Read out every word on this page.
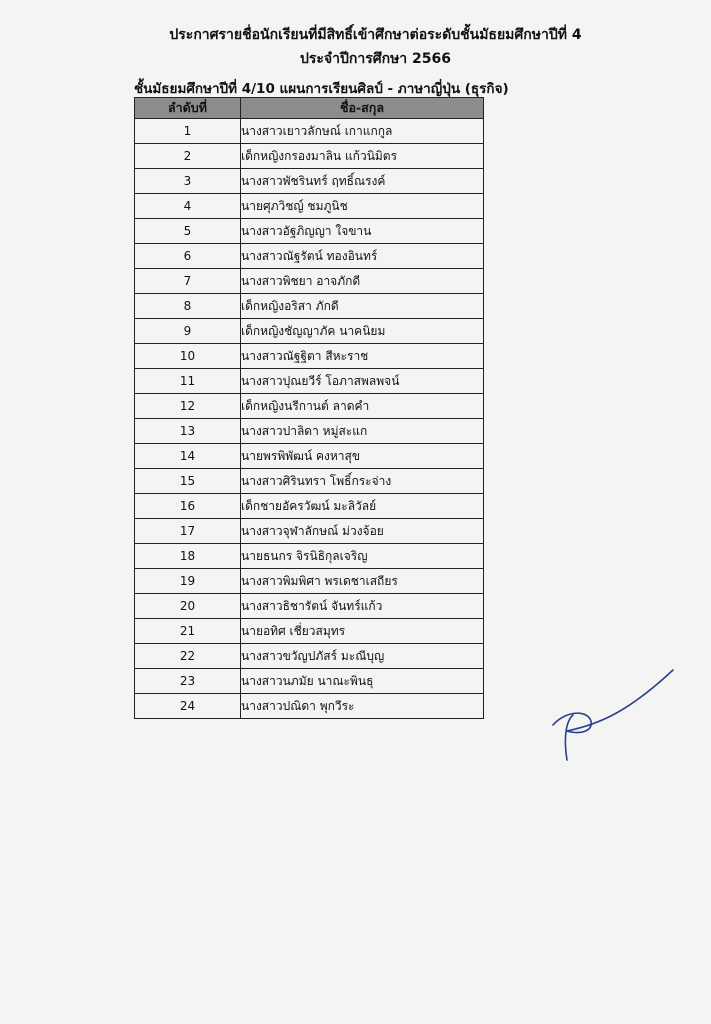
ประกาศรายชื่อนักเรียนที่มีสิทธิ์เข้าศึกษาต่อระดับชั้นมัธยมศึกษาปีที่ 4
ประจำปีการศึกษา 2566
ชั้นมัธยมศึกษาปีที่ 4/10 แผนการเรียนศิลป์ - ภาษาญี่ปุ่น (ธุรกิจ)
ลำดับที่	ชื่อ-สกุล
1	นางสาวเยาวลักษณ์ เกาแกกูล
2	เด็กหญิงกรองมาลิน แก้วนิมิตร
3	นางสาวพัชรินทร์ ฤทธิ์ณรงค์
4	นายศุภวิชญ์ ชมภูนิช
5	นางสาวอัฐภิญญา ใจขาน
6	นางสาวณัฐรัตน์ ทองอินทร์
7	นางสาวพิชยา อาจภักดี
8	เด็กหญิงอริสา ภักดี
9	เด็กหญิงชัญญาภัค นาคนิยม
10	นางสาวณัฐฐิตา สีหะราช
11	นางสาวปุณยวีร์ โอภาสพลพจน์
12	เด็กหญิงนรีกานต์ ลาดคำ
13	นางสาวปาลิดา หมู่สะแก
14	นายพรพิพัฒน์ คงหาสุข
15	นางสาวศิรินทรา โพธิ์กระจ่าง
16	เด็กชายอัครวัฒน์ มะลิวัลย์
17	นางสาวจุฬาลักษณ์ ม่วงจ้อย
18	นายธนกร จิรนิธิกุลเจริญ
19	นางสาวพิมพิศา พรเดชาเสถียร
20	นางสาวธิชารัตน์ จันทร์แก้ว
21	นายอทิศ เชี่ยวสมุทร
22	นางสาวขวัญปภัสร์ มะณีบุญ
23	นางสาวนภมัย นาณะพินธุ
24	นางสาวปณิดา พุกวีระ
